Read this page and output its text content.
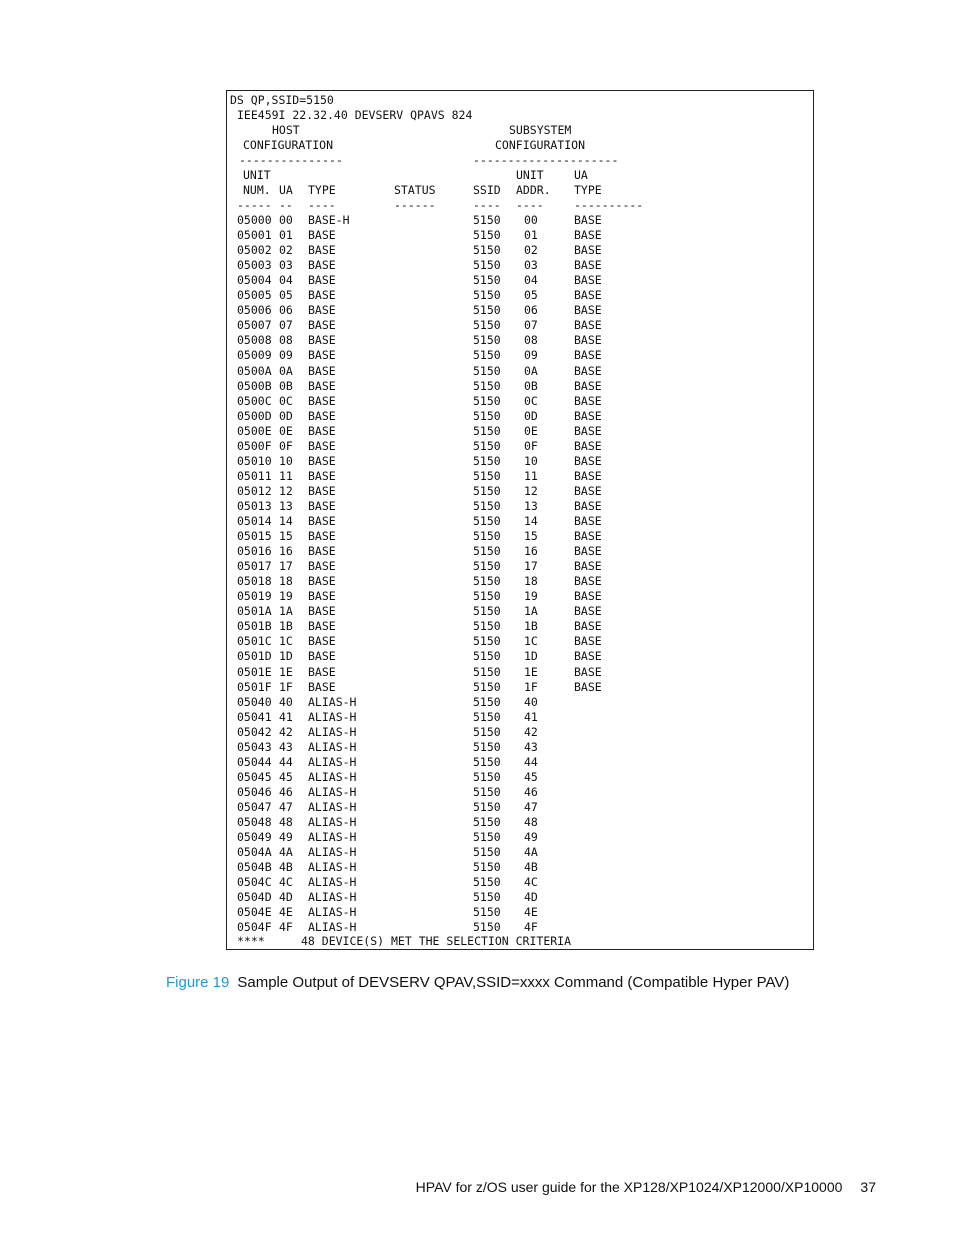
DS QP,SSID=5150
IEE459I 22.32.40 DEVSERV QPAVS 824
HOST	SUBSYSTEM
CONFIGURATION	CONFIGURATION
---------------	---------------------
UNIT	UNIT	UA
NUM. UA TYPE	STATUS	SSID ADDR. TYPE
----- -- ----	------	---- ----	----------
05000 00 BASE-H	5150 00	BASE
05001 01 BASE	5150 01	BASE
05002 02 BASE	5150 02	BASE
05003 03 BASE	5150 03	BASE
05004 04 BASE	5150 04	BASE
05005 05 BASE	5150 05	BASE
05006 06 BASE	5150 06	BASE
05007 07 BASE	5150 07	BASE
05008 08 BASE	5150 08	BASE
05009 09 BASE	5150 09	BASE
0500A 0A BASE	5150 0A	BASE
0500B 0B BASE	5150 0B	BASE
0500C 0C BASE	5150 0C	BASE
0500D 0D BASE	5150 0D	BASE
0500E 0E BASE	5150 0E	BASE
0500F 0F BASE	5150 0F	BASE
05010 10 BASE	5150 10	BASE
05011 11 BASE	5150 11	BASE
05012 12 BASE	5150 12	BASE
05013 13 BASE	5150 13	BASE
05014 14 BASE	5150 14	BASE
05015 15 BASE	5150 15	BASE
05016 16 BASE	5150 16	BASE
05017 17 BASE	5150 17	BASE
05018 18 BASE	5150 18	BASE
05019 19 BASE	5150 19	BASE
0501A 1A BASE	5150 1A	BASE
0501B 1B BASE	5150 1B	BASE
0501C 1C BASE	5150 1C	BASE
0501D 1D BASE	5150 1D	BASE
0501E 1E BASE	5150 1E	BASE
0501F 1F BASE	5150 1F	BASE
05040 40 ALIAS-H	5150 40
05041 41 ALIAS-H	5150 41
05042 42 ALIAS-H	5150 42
05043 43 ALIAS-H	5150 43
05044 44 ALIAS-H	5150 44
05045 45 ALIAS-H	5150 45
05046 46 ALIAS-H	5150 46
05047 47 ALIAS-H	5150 47
05048 48 ALIAS-H	5150 48
05049 49 ALIAS-H	5150 49
0504A 4A ALIAS-H	5150 4A
0504B 4B ALIAS-H	5150 4B
0504C 4C ALIAS-H	5150 4C
0504D 4D ALIAS-H	5150 4D
0504E 4E ALIAS-H	5150 4E
0504F 4F ALIAS-H	5150 4F
****	48 DEVICE(S) MET THE SELECTION CRITERIA
Figure 19 Sample Output of DEVSERV QPAV,SSID=xxxx Command (Compatible Hyper PAV)
HPAV for z/OS user guide for the XP128/XP1024/XP12000/XP10000 37
